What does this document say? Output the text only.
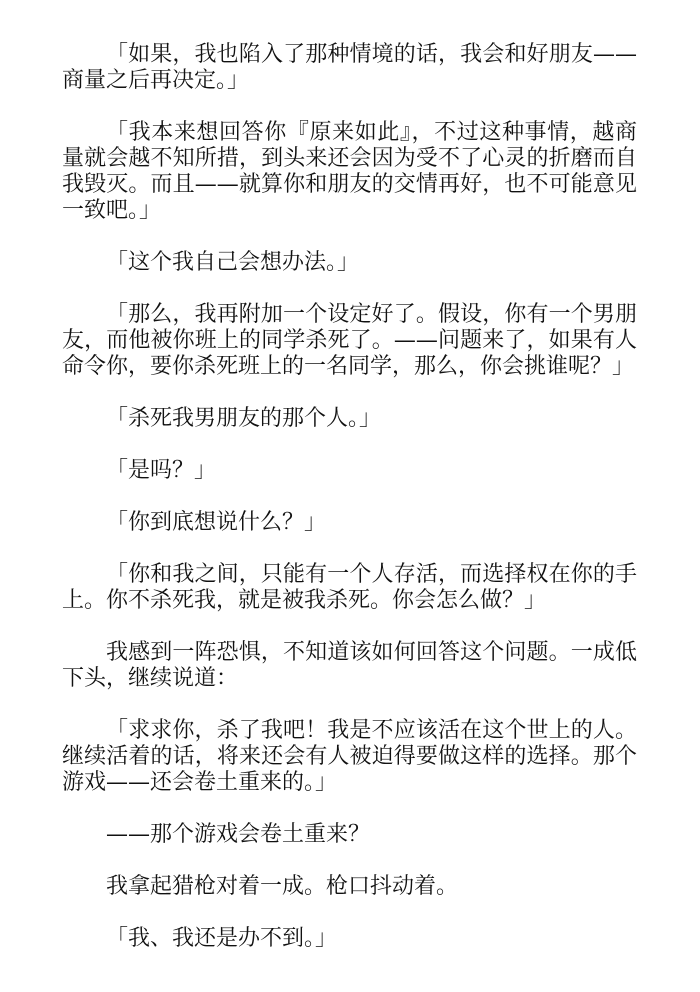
「如果，我也陷入了那种情境的话，我会和好朋友——商量之后再决定。」

「我本来想回答你『原来如此』，不过这种事情，越商量就会越不知所措，到头来还会因为受不了心灵的折磨而自我毁灭。而且——就算你和朋友的交情再好，也不可能意见一致吧。」

「这个我自己会想办法。」

「那么，我再附加一个设定好了。假设，你有一个男朋友，而他被你班上的同学杀死了。——问题来了，如果有人命令你，要你杀死班上的一名同学，那么，你会挑谁呢？」

「杀死我男朋友的那个人。」

「是吗？」

「你到底想说什么？」

「你和我之间，只能有一个人存活，而选择权在你的手上。你不杀死我，就是被我杀死。你会怎么做？」

我感到一阵恐惧，不知道该如何回答这个问题。一成低下头，继续说道：

「求求你，杀了我吧！我是不应该活在这个世上的人。继续活着的话，将来还会有人被迫得要做这样的选择。那个游戏——还会卷土重来的。」

——那个游戏会卷土重来？

我拿起猎枪对着一成。枪口抖动着。

「我、我还是办不到。」
